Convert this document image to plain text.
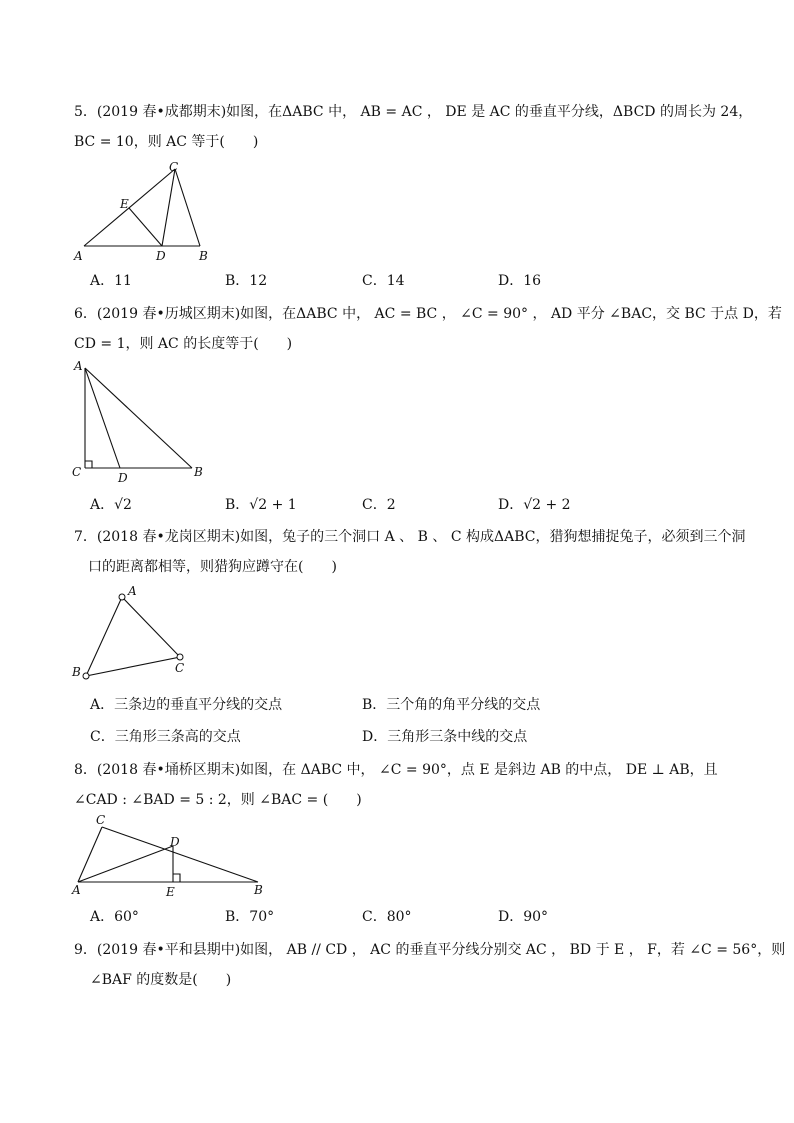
5．(2019 春•成都期末)如图，在ΔABC 中， AB = AC ， DE 是 AC 的垂直平分线，ΔBCD 的周长为 24，
BC = 10，则 AC 等于(　　)
C
E
A	D	B
A．11	B．12	C．14	D．16
6．(2019 春•历城区期末)如图，在ΔABC 中， AC = BC ， ∠C = 90° ， AD 平分 ∠BAC，交 BC 于点 D，若
CD = 1，则 AC 的长度等于(　　)
A
C	D	B
A．√2	B．√2 + 1	C．2	D．√2 + 2
7．(2018 春•龙岗区期末)如图，兔子的三个洞口 A 、 B 、 C 构成ΔABC，猎狗想捕捉兔子，必须到三个洞
口的距离都相等，则猎狗应蹲守在(　　)
A
B	C
A．三条边的垂直平分线的交点	B．三个角的角平分线的交点
C．三角形三条高的交点	D．三角形三条中线的交点
8．(2018 春•埇桥区期末)如图，在 ΔABC 中， ∠C = 90°，点 E 是斜边 AB 的中点， DE ⊥ AB，且
∠CAD : ∠BAD = 5 : 2，则 ∠BAC = (　　)
C
D
A	E	B
A．60°	B．70°	C．80°	D．90°
9．(2019 春•平和县期中)如图， AB // CD ， AC 的垂直平分线分别交 AC ， BD 于 E ， F，若 ∠C = 56°，则
∠BAF 的度数是(　　)
